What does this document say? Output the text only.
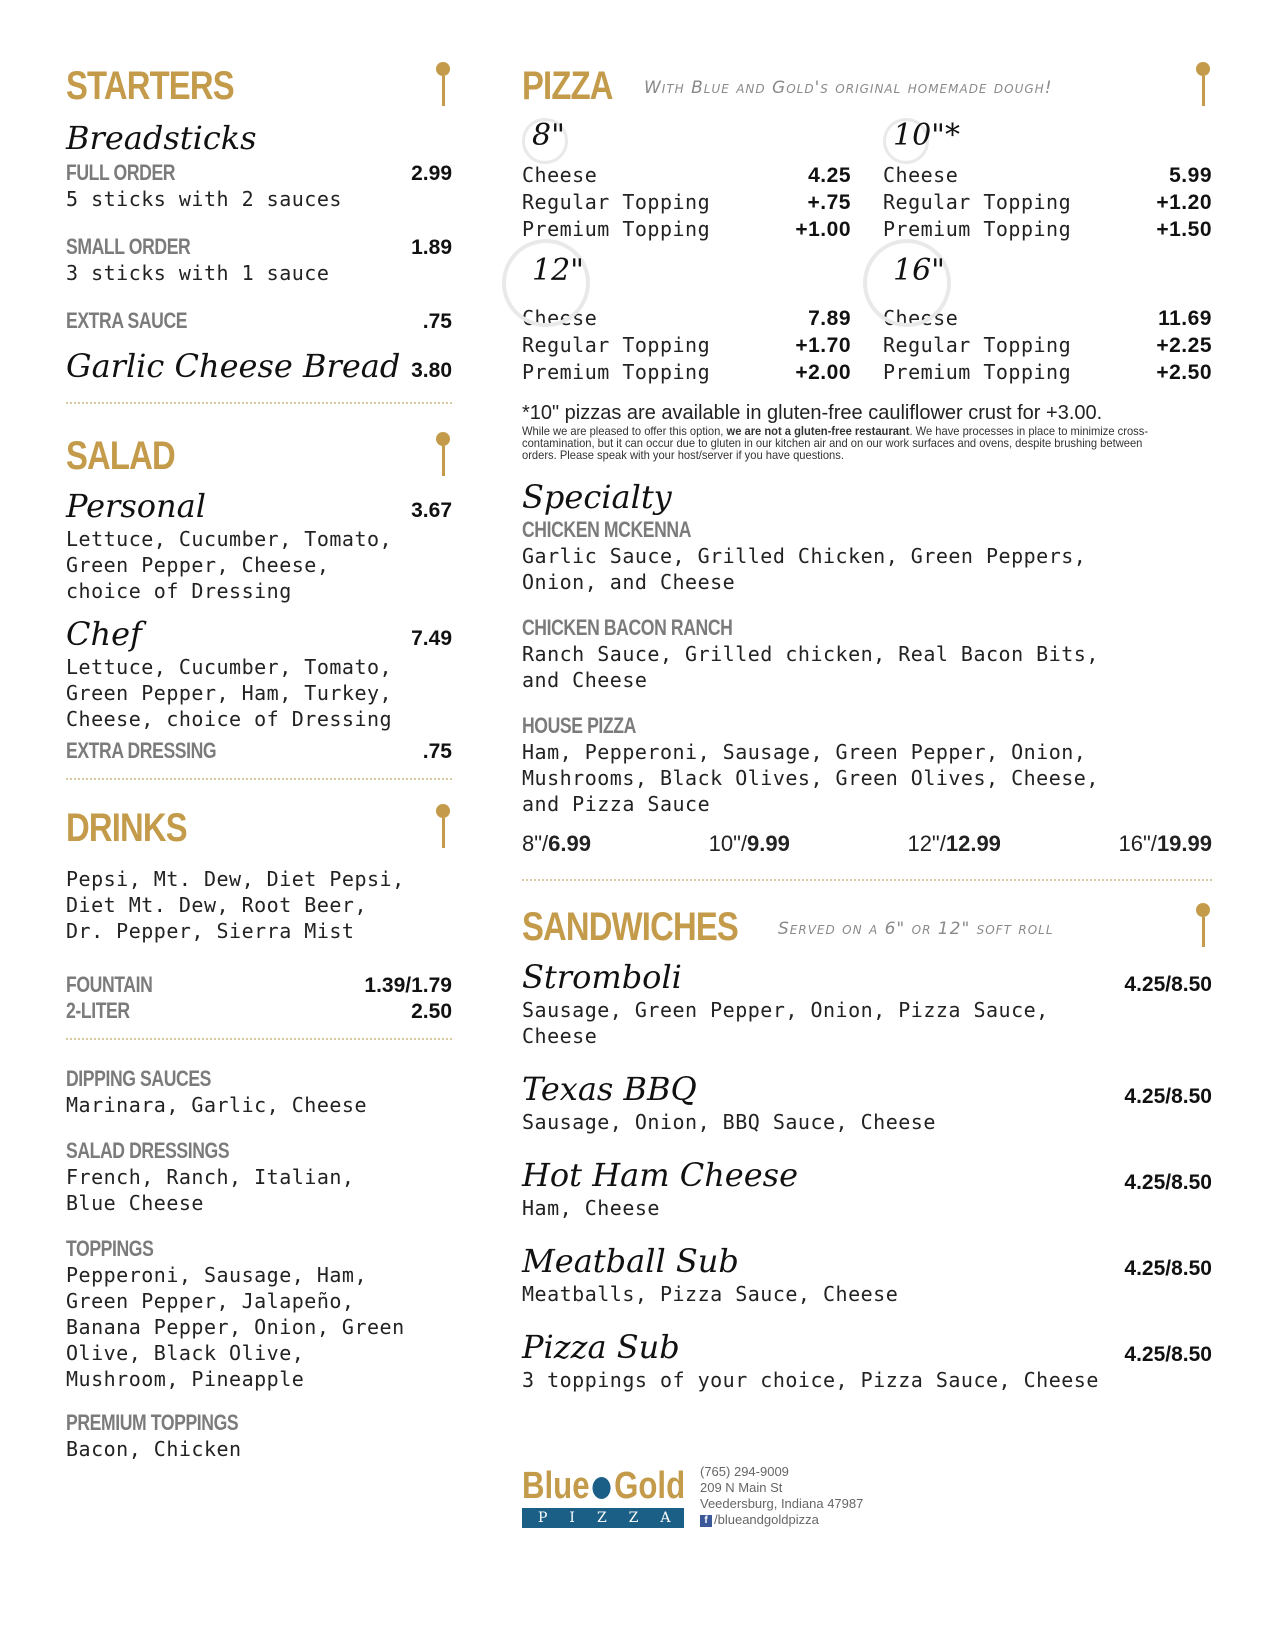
STARTERS
Breadsticks
FULL ORDER	2.99
5 sticks with 2 sauces
SMALL ORDER	1.89
3 sticks with 1 sauce
EXTRA SAUCE	.75
Garlic Cheese Bread 3.80
SALAD
Personal	3.67
Lettuce, Cucumber, Tomato,
Green Pepper, Cheese,
choice of Dressing
Chef	7.49
Lettuce, Cucumber, Tomato,
Green Pepper, Ham, Turkey,
Cheese, choice of Dressing
EXTRA DRESSING	.75
DRINKS
Pepsi, Mt. Dew, Diet Pepsi,
Diet Mt. Dew, Root Beer,
Dr. Pepper, Sierra Mist
FOUNTAIN	1.39/1.79
2-LITER	2.50
DIPPING SAUCES
Marinara, Garlic, Cheese
SALAD DRESSINGS
French, Ranch, Italian,
Blue Cheese
TOPPINGS
Pepperoni, Sausage, Ham,
Green Pepper, Jalapeño,
Banana Pepper, Onion, Green
Olive, Black Olive,
Mushroom, Pineapple
PREMIUM TOPPINGS
Bacon, Chicken
PIZZA With Blue and Gold's original homemade dough!
8"
Cheese	4.25
Regular Topping	+.75
Premium Topping	+1.00
10"*
Cheese	5.99
Regular Topping	+1.20
Premium Topping	+1.50
12"
Cheese	7.89
Regular Topping	+1.70
Premium Topping	+2.00
16"
Cheese	11.69
Regular Topping	+2.25
Premium Topping	+2.50
*10" pizzas are available in gluten-free cauliflower crust for +3.00.
While we are pleased to offer this option, we are not a gluten-free restaurant. We have processes in place to minimize cross-contamination, but it can occur due to gluten in our kitchen air and on our work surfaces and ovens, despite brushing between orders. Please speak with your host/server if you have questions.
Specialty
CHICKEN MCKENNA
Garlic Sauce, Grilled Chicken, Green Peppers,
Onion, and Cheese
CHICKEN BACON RANCH
Ranch Sauce, Grilled chicken, Real Bacon Bits,
and Cheese
HOUSE PIZZA
Ham, Pepperoni, Sausage, Green Pepper, Onion,
Mushrooms, Black Olives, Green Olives, Cheese,
and Pizza Sauce
8"/6.99	10"/9.99	12"/12.99	16"/19.99
SANDWICHES Served on a 6" or 12" soft roll
Stromboli	4.25/8.50
Sausage, Green Pepper, Onion, Pizza Sauce,
Cheese
Texas BBQ	4.25/8.50
Sausage, Onion, BBQ Sauce, Cheese
Hot Ham Cheese	4.25/8.50
Ham, Cheese
Meatball Sub	4.25/8.50
Meatballs, Pizza Sauce, Cheese
Pizza Sub	4.25/8.50
3 toppings of your choice, Pizza Sauce, Cheese
Blue Gold
PIZZA
(765) 294-9009
209 N Main St
Veedersburg, Indiana 47987
f /blueandgoldpizza
